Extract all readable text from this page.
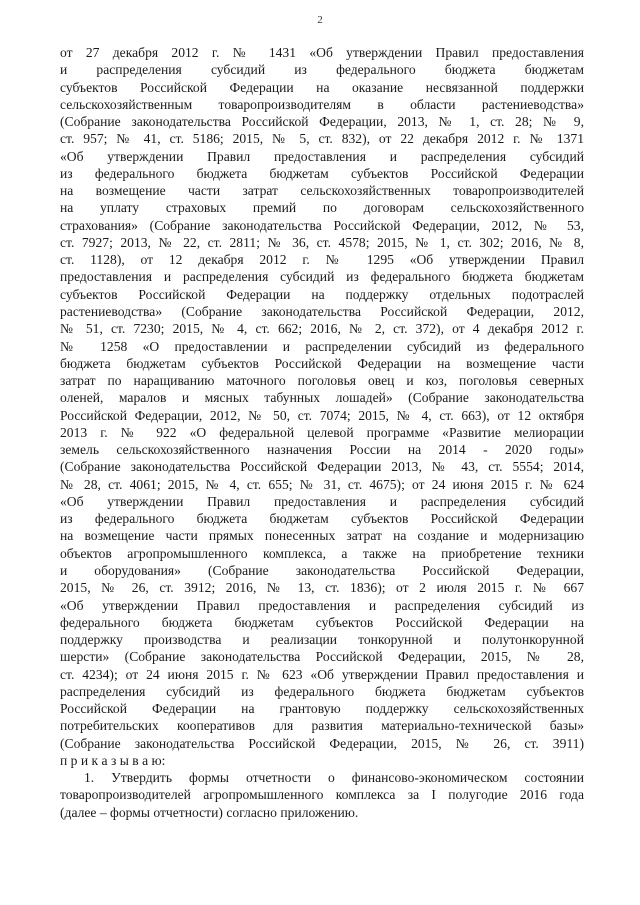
2
от 27 декабря 2012 г. № 1431 «Об утверждении Правил предоставления
и распределения субсидий из федерального бюджета бюджетам
субъектов Российской Федерации на оказание несвязанной поддержки
сельскохозяйственным товаропроизводителям в области растениеводства»
(Собрание законодательства Российской Федерации, 2013, № 1, ст. 28; № 9,
ст. 957; № 41, ст. 5186; 2015, № 5, ст. 832), от 22 декабря 2012 г. № 1371
«Об утверждении Правил предоставления и распределения субсидий
из федерального бюджета бюджетам субъектов Российской Федерации
на возмещение части затрат сельскохозяйственных товаропроизводителей
на уплату страховых премий по договорам сельскохозяйственного
страхования» (Собрание законодательства Российской Федерации, 2012, № 53,
ст. 7927; 2013, № 22, ст. 2811; № 36, ст. 4578; 2015, № 1, ст. 302; 2016, № 8,
ст. 1128), от 12 декабря 2012 г. № 1295 «Об утверждении Правил
предоставления и распределения субсидий из федерального бюджета бюджетам
субъектов Российской Федерации на поддержку отдельных подотраслей
растениеводства» (Собрание законодательства Российской Федерации, 2012,
№ 51, ст. 7230; 2015, № 4, ст. 662; 2016, № 2, ст. 372), от 4 декабря 2012 г.
№ 1258 «О предоставлении и распределении субсидий из федерального
бюджета бюджетам субъектов Российской Федерации на возмещение части
затрат по наращиванию маточного поголовья овец и коз, поголовья северных
оленей, маралов и мясных табунных лошадей» (Собрание законодательства
Российской Федерации, 2012, № 50, ст. 7074; 2015, № 4, ст. 663), от 12 октября
2013 г. № 922 «О федеральной целевой программе «Развитие мелиорации
земель сельскохозяйственного назначения России на 2014 - 2020 годы»
(Собрание законодательства Российской Федерации 2013, № 43, ст. 5554; 2014,
№ 28, ст. 4061; 2015, № 4, ст. 655; № 31, ст. 4675); от 24 июня 2015 г. № 624
«Об утверждении Правил предоставления и распределения субсидий
из федерального бюджета бюджетам субъектов Российской Федерации
на возмещение части прямых понесенных затрат на создание и модернизацию
объектов агропромышленного комплекса, а также на приобретение техники
и оборудования» (Собрание законодательства Российской Федерации,
2015, № 26, ст. 3912; 2016, № 13, ст. 1836); от 2 июля 2015 г. № 667
«Об утверждении Правил предоставления и распределения субсидий из
федерального бюджета бюджетам субъектов Российской Федерации на
поддержку производства и реализации тонкорунной и полутонкорунной
шерсти» (Собрание законодательства Российской Федерации, 2015, № 28,
ст. 4234); от 24 июня 2015 г. № 623 «Об утверждении Правил предоставления и
распределения субсидий из федерального бюджета бюджетам субъектов
Российской Федерации на грантовую поддержку сельскохозяйственных
потребительских кооперативов для развития материально-технической базы»
(Собрание законодательства Российской Федерации, 2015, № 26, ст. 3911)
п р и к а з ы в а ю:
1. Утвердить формы отчетности о финансово-экономическом состоянии
товаропроизводителей агропромышленного комплекса за I полугодие 2016 года
(далее – формы отчетности) согласно приложению.
